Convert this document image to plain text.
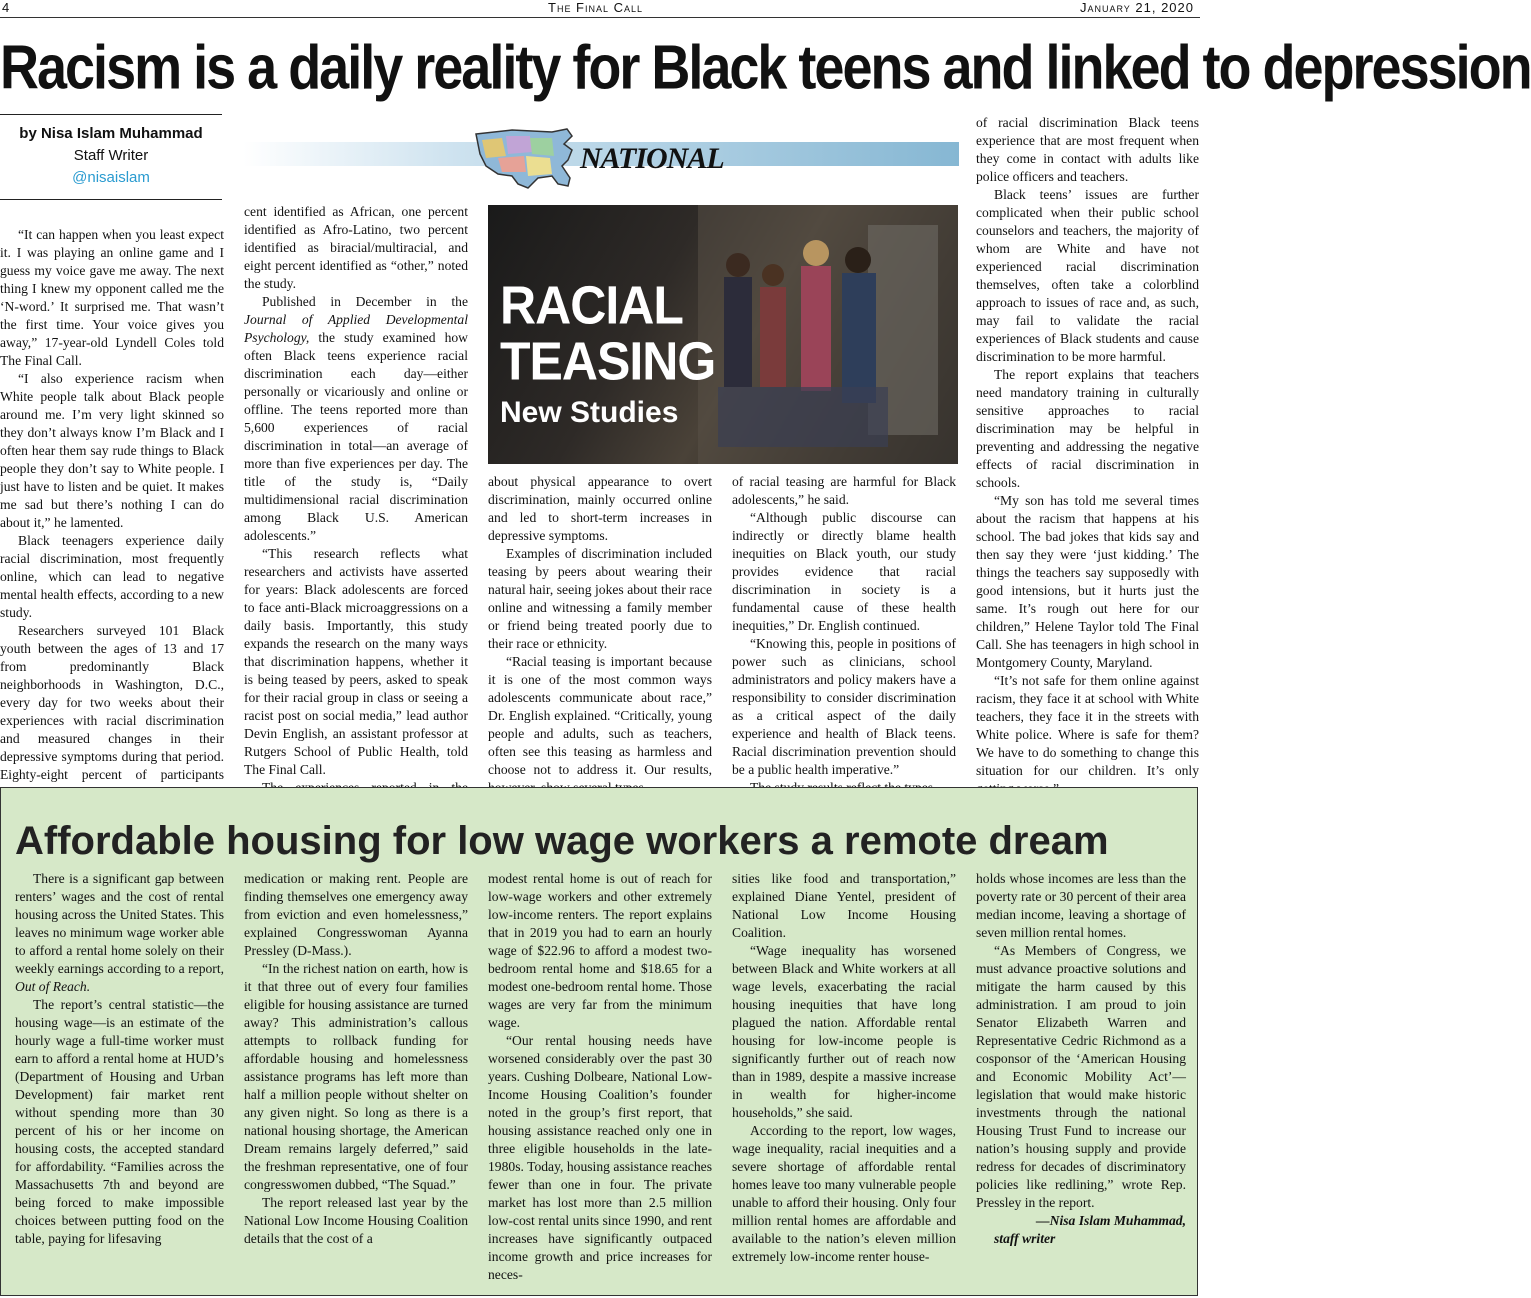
4	The Final Call	January 21, 2020
Racism is a daily reality for Black teens and linked to depression
by Nisa Islam Muhammad
Staff Writer
@nisaislam
NATIONAL
RACIAL
TEASING
New Studies

“It can happen when you least expect it. I was playing an online game and I guess my voice gave me away. The next thing I knew my opponent called me the ‘N-word.’ It surprised me. That wasn’t the first time. Your voice gives you away,” 17-year-old Lyndell Coles told The Final Call.

“I also experience racism when White people talk about Black people around me. I’m very light skinned so they don’t always know I’m Black and I often hear them say rude things to Black people they don’t say to White people. I just have to listen and be quiet. It makes me sad but there’s nothing I can do about it,” he lamented.

Black teenagers experience daily racial discrimination, most frequently online, which can lead to negative mental health effects, according to a new study.

Researchers surveyed 101 Black youth between the ages of 13 and 17 from predominantly Black neighborhoods in Washington, D.C., every day for two weeks about their experiences with racial discrimination and measured changes in their depressive symptoms during that period. Eighty-eight percent of participants

cent identified as African, one percent identified as Afro-Latino, two percent identified as biracial/multiracial, and eight percent identified as “other,” noted the study.

Published in December in the Journal of Applied Developmental Psychology, the study examined how often Black teens experience racial discrimination each day—either personally or vicariously and online or offline. The teens reported more than 5,600 experiences of racial discrimination in total—an average of more than five experiences per day. The title of the study is, “Daily multidimensional racial discrimination among Black U.S. American adolescents.”

“This research reflects what researchers and activists have asserted for years: Black adolescents are forced to face anti-Black microaggressions on a daily basis. Importantly, this study expands the research on the many ways that discrimination happens, whether it is being teased by peers, asked to speak for their racial group in class or seeing a racist post on social media,” lead author Devin English, an assistant professor at Rutgers School of Public Health, told The Final Call.

about physical appearance to overt discrimination, mainly occurred online and led to short-term increases in depressive symptoms.

Examples of discrimination included teasing by peers about wearing their natural hair, seeing jokes about their race online and witnessing a family member or friend being treated poorly due to their race or ethnicity.

“Racial teasing is important because it is one of the most common ways adolescents communicate about race,” Dr. English explained. “Critically, young people and adults, such as teachers, often see this teasing as harmless and choose not to address it. Our results,

of racial teasing are harmful for Black adolescents,” he said.

“Although public discourse can indirectly or directly blame health inequities on Black youth, our study provides evidence that racial discrimination in society is a fundamental cause of these health inequities,” Dr. English continued.

“Knowing this, people in positions of power such as clinicians, school administrators and policy makers have a responsibility to consider discrimination as a critical aspect of the daily experience and health of Black teens. Racial discrimination prevention should be a public health imperative.”

of racial discrimination Black teens experience that are most frequent when they come in contact with adults like police officers and teachers.

Black teens’ issues are further complicated when their public school counselors and teachers, the majority of whom are White and have not experienced racial discrimination themselves, often take a colorblind approach to issues of race and, as such, may fail to validate the racial experiences of Black students and cause discrimination to be more harmful.

The report explains that teachers need mandatory training in culturally sensitive approaches to racial discrimination may be helpful in preventing and addressing the negative effects of racial discrimination in schools.

“My son has told me several times about the racism that happens at his school. The bad jokes that kids say and then say they were ‘just kidding.’ The things the teachers say supposedly with good intensions, but it hurts just the same. It’s rough out here for our children,” Helene Taylor told The Final Call. She has teenagers in high school in Montgomery County, Maryland.

“It’s not safe for them online against racism, they face it at school with White teachers, they face it in the streets with White police. Where is safe for them? We have to do something to change this situation for our children. It’s only

Affordable housing for low wage workers a remote dream

There is a significant gap between renters’ wages and the cost of rental housing across the United States. This leaves no minimum wage worker able to afford a rental home solely on their weekly earnings according to a report, Out of Reach.

The report’s central statistic—the housing wage—is an estimate of the hourly wage a full-time worker must earn to afford a rental home at HUD’s (Department of Housing and Urban Development) fair market rent without spending more than 30 percent of his or her income on housing costs, the accepted standard for affordability. “Families across the Massachusetts 7th and beyond are being forced to make impossible choices between putting food on the table, paying for lifesaving

medication or making rent. People are finding themselves one emergency away from eviction and even homelessness,” explained Congresswoman Ayanna Pressley (D-Mass.).

“In the richest nation on earth, how is it that three out of every four families eligible for housing assistance are turned away? This administration’s callous attempts to rollback funding for affordable housing and homelessness assistance programs has left more than half a million people without shelter on any given night. So long as there is a national housing shortage, the American Dream remains largely deferred,” said the freshman representative, one of four congresswomen dubbed, “The Squad.”

The report released last year by the National Low Income Housing Coalition details that the cost of a

modest rental home is out of reach for low-wage workers and other extremely low-income renters. The report explains that in 2019 you had to earn an hourly wage of $22.96 to afford a modest two-bedroom rental home and $18.65 for a modest one-bedroom rental home. Those wages are very far from the minimum wage.

“Our rental housing needs have worsened considerably over the past 30 years. Cushing Dolbeare, National Low-Income Housing Coalition’s founder noted in the group’s first report, that housing assistance reached only one in three eligible households in the late-1980s. Today, housing assistance reaches fewer than one in four. The private market has lost more than 2.5 million low-cost rental units since 1990, and rent increases have significantly outpaced income growth and price increases for neces-

sities like food and transportation,” explained Diane Yentel, president of National Low Income Housing Coalition.

“Wage inequality has worsened between Black and White workers at all wage levels, exacerbating the racial housing inequities that have long plagued the nation. Affordable rental housing for low-income people is significantly further out of reach now than in 1989, despite a massive increase in wealth for higher-income households,” she said.

According to the report, low wages, wage inequality, racial inequities and a severe shortage of affordable rental homes leave too many vulnerable people unable to afford their housing. Only four million rental homes are affordable and available to the nation’s eleven million extremely low-income renter house-

holds whose incomes are less than the poverty rate or 30 percent of their area median income, leaving a shortage of seven million rental homes.

“As Members of Congress, we must advance proactive solutions and mitigate the harm caused by this administration. I am proud to join Senator Elizabeth Warren and Representative Cedric Richmond as a cosponsor of the ‘American Housing and Economic Mobility Act’—legislation that would make historic investments through the national Housing Trust Fund to increase our nation’s housing supply and provide redress for decades of discriminatory policies like redlining,” wrote Rep. Pressley in the report.

—Nisa Islam Muhammad,

staff writer
